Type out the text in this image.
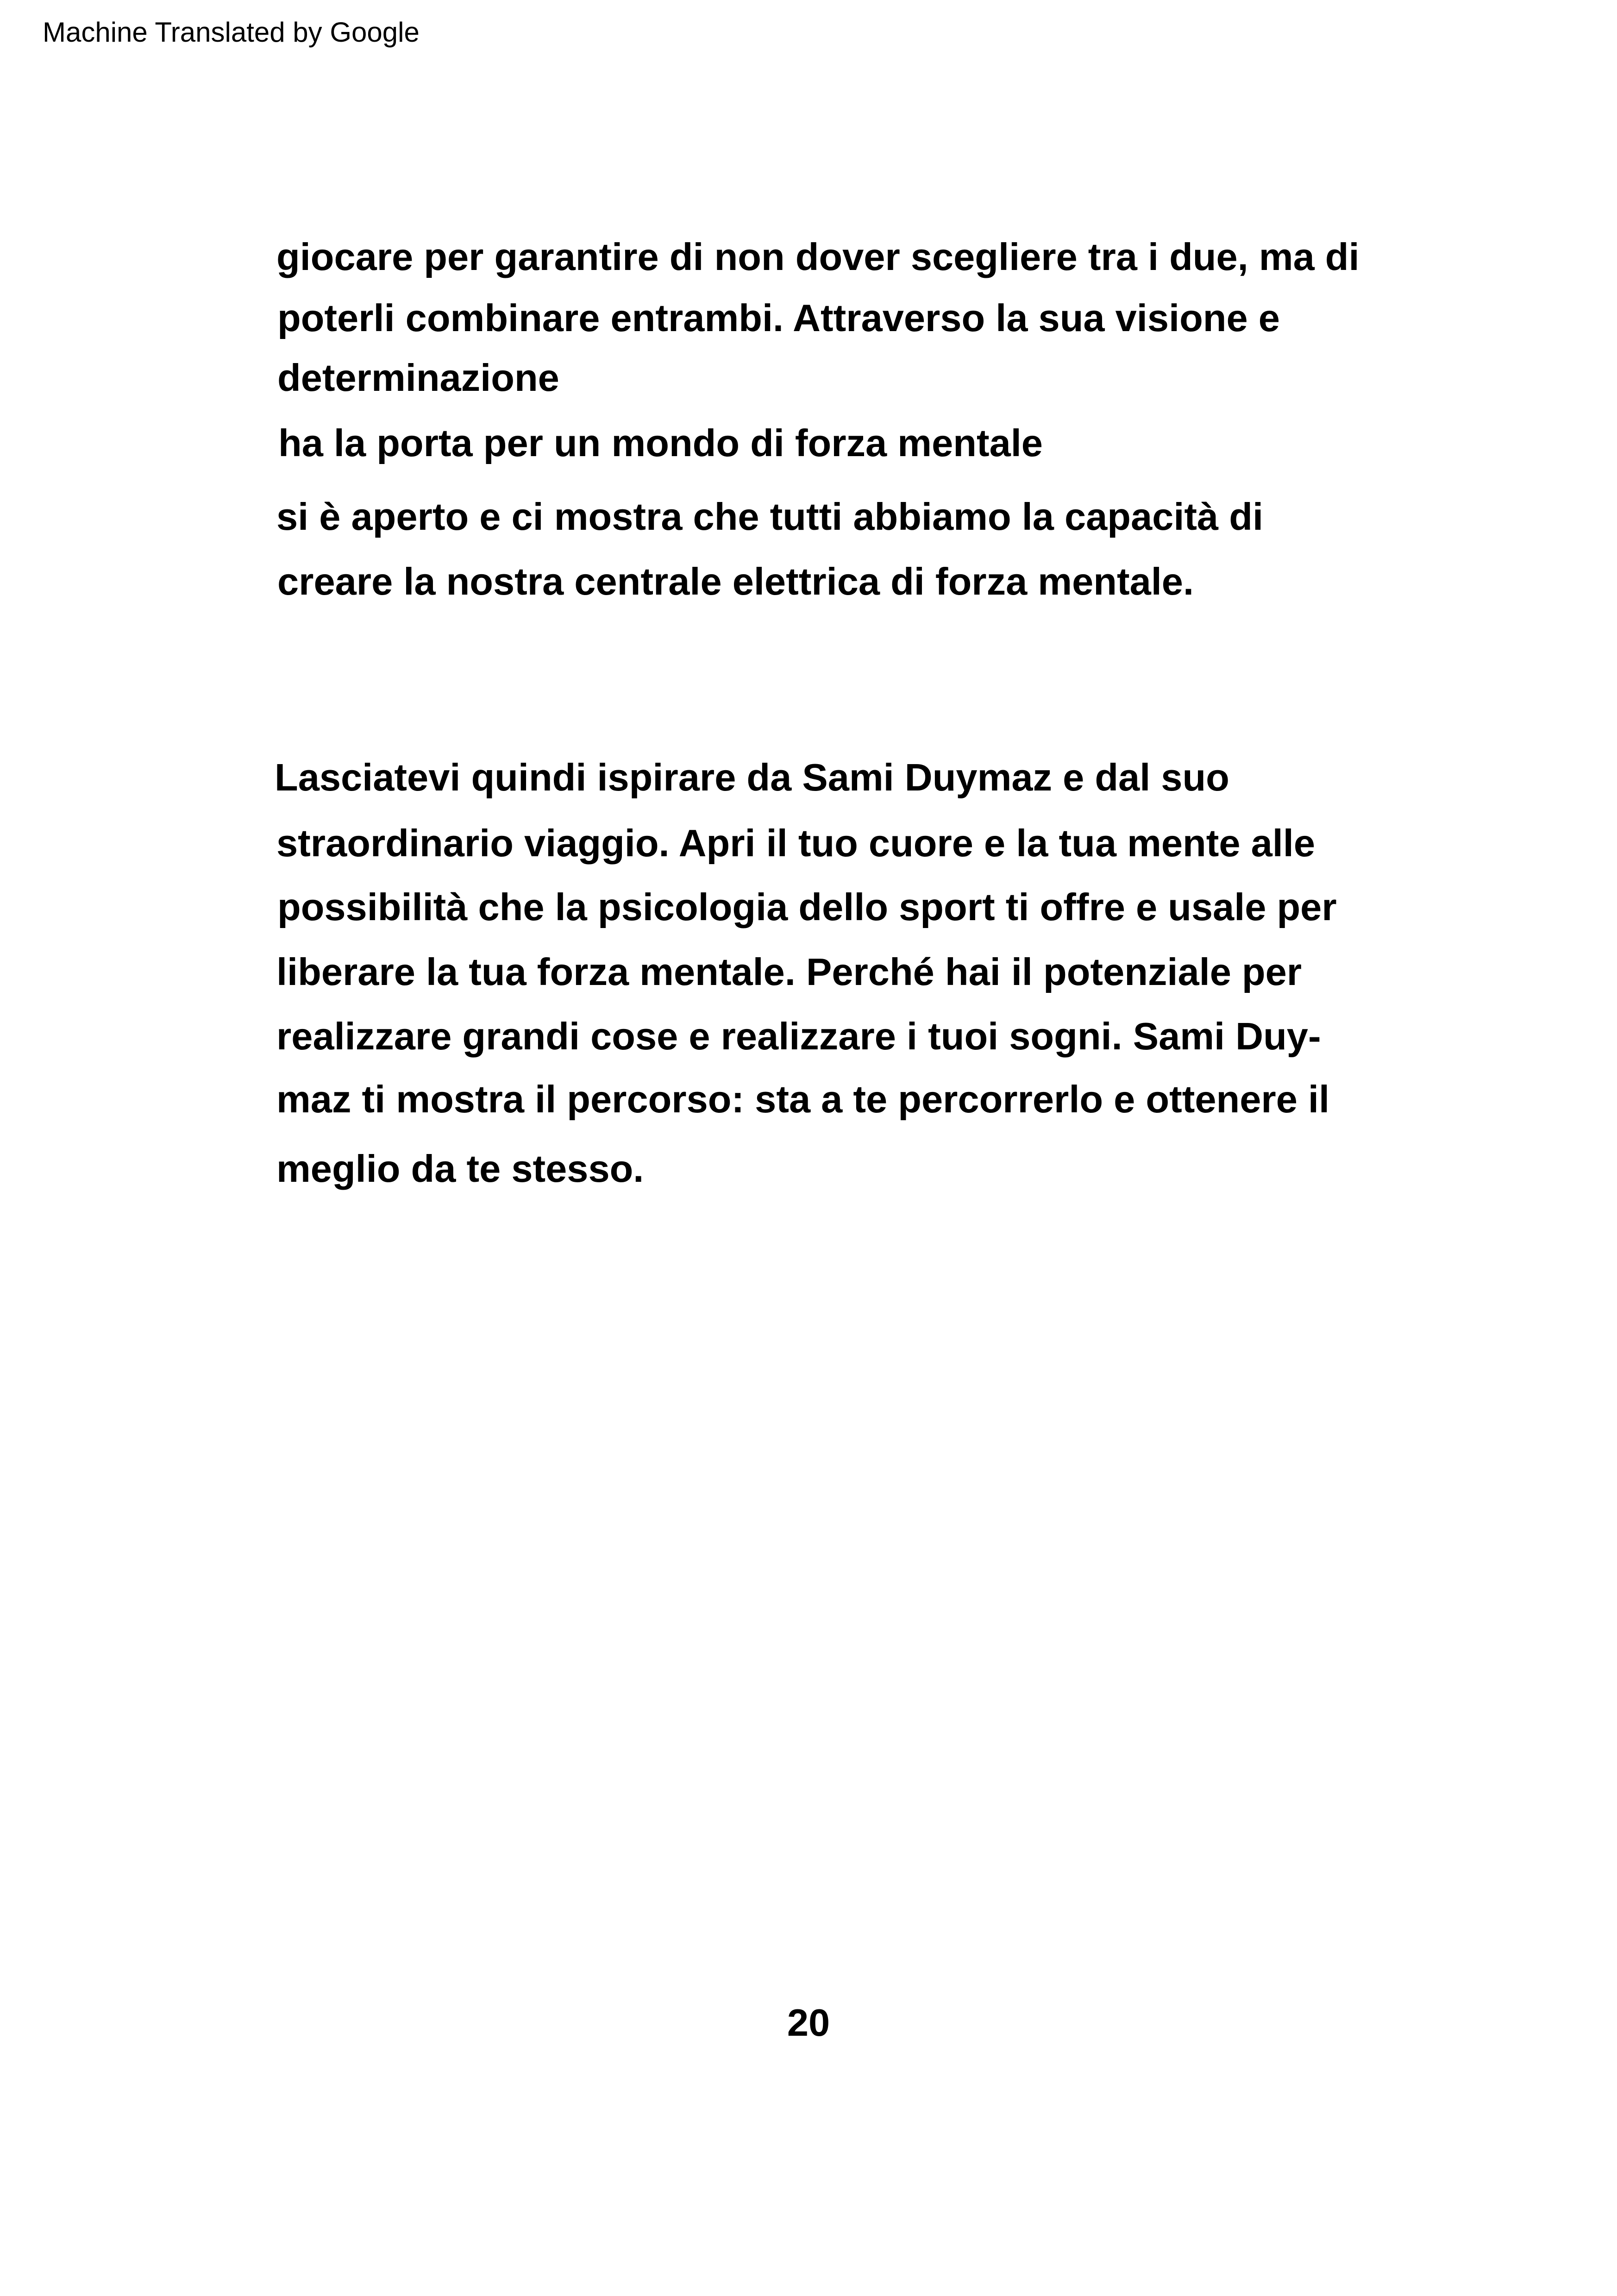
Machine Translated by Google
giocare per garantire di non dover scegliere tra i due, ma di
poterli combinare entrambi. Attraverso la sua visione e
determinazione
ha la porta per un mondo di forza mentale
si è aperto e ci mostra che tutti abbiamo la capacità di
creare la nostra centrale elettrica di forza mentale.
Lasciatevi quindi ispirare da Sami Duymaz e dal suo
straordinario viaggio. Apri il tuo cuore e la tua mente alle
possibilità che la psicologia dello sport ti offre e usale per
liberare la tua forza mentale. Perché hai il potenziale per
realizzare grandi cose e realizzare i tuoi sogni. Sami Duy-
maz ti mostra il percorso: sta a te percorrerlo e ottenere il
meglio da te stesso.
20
